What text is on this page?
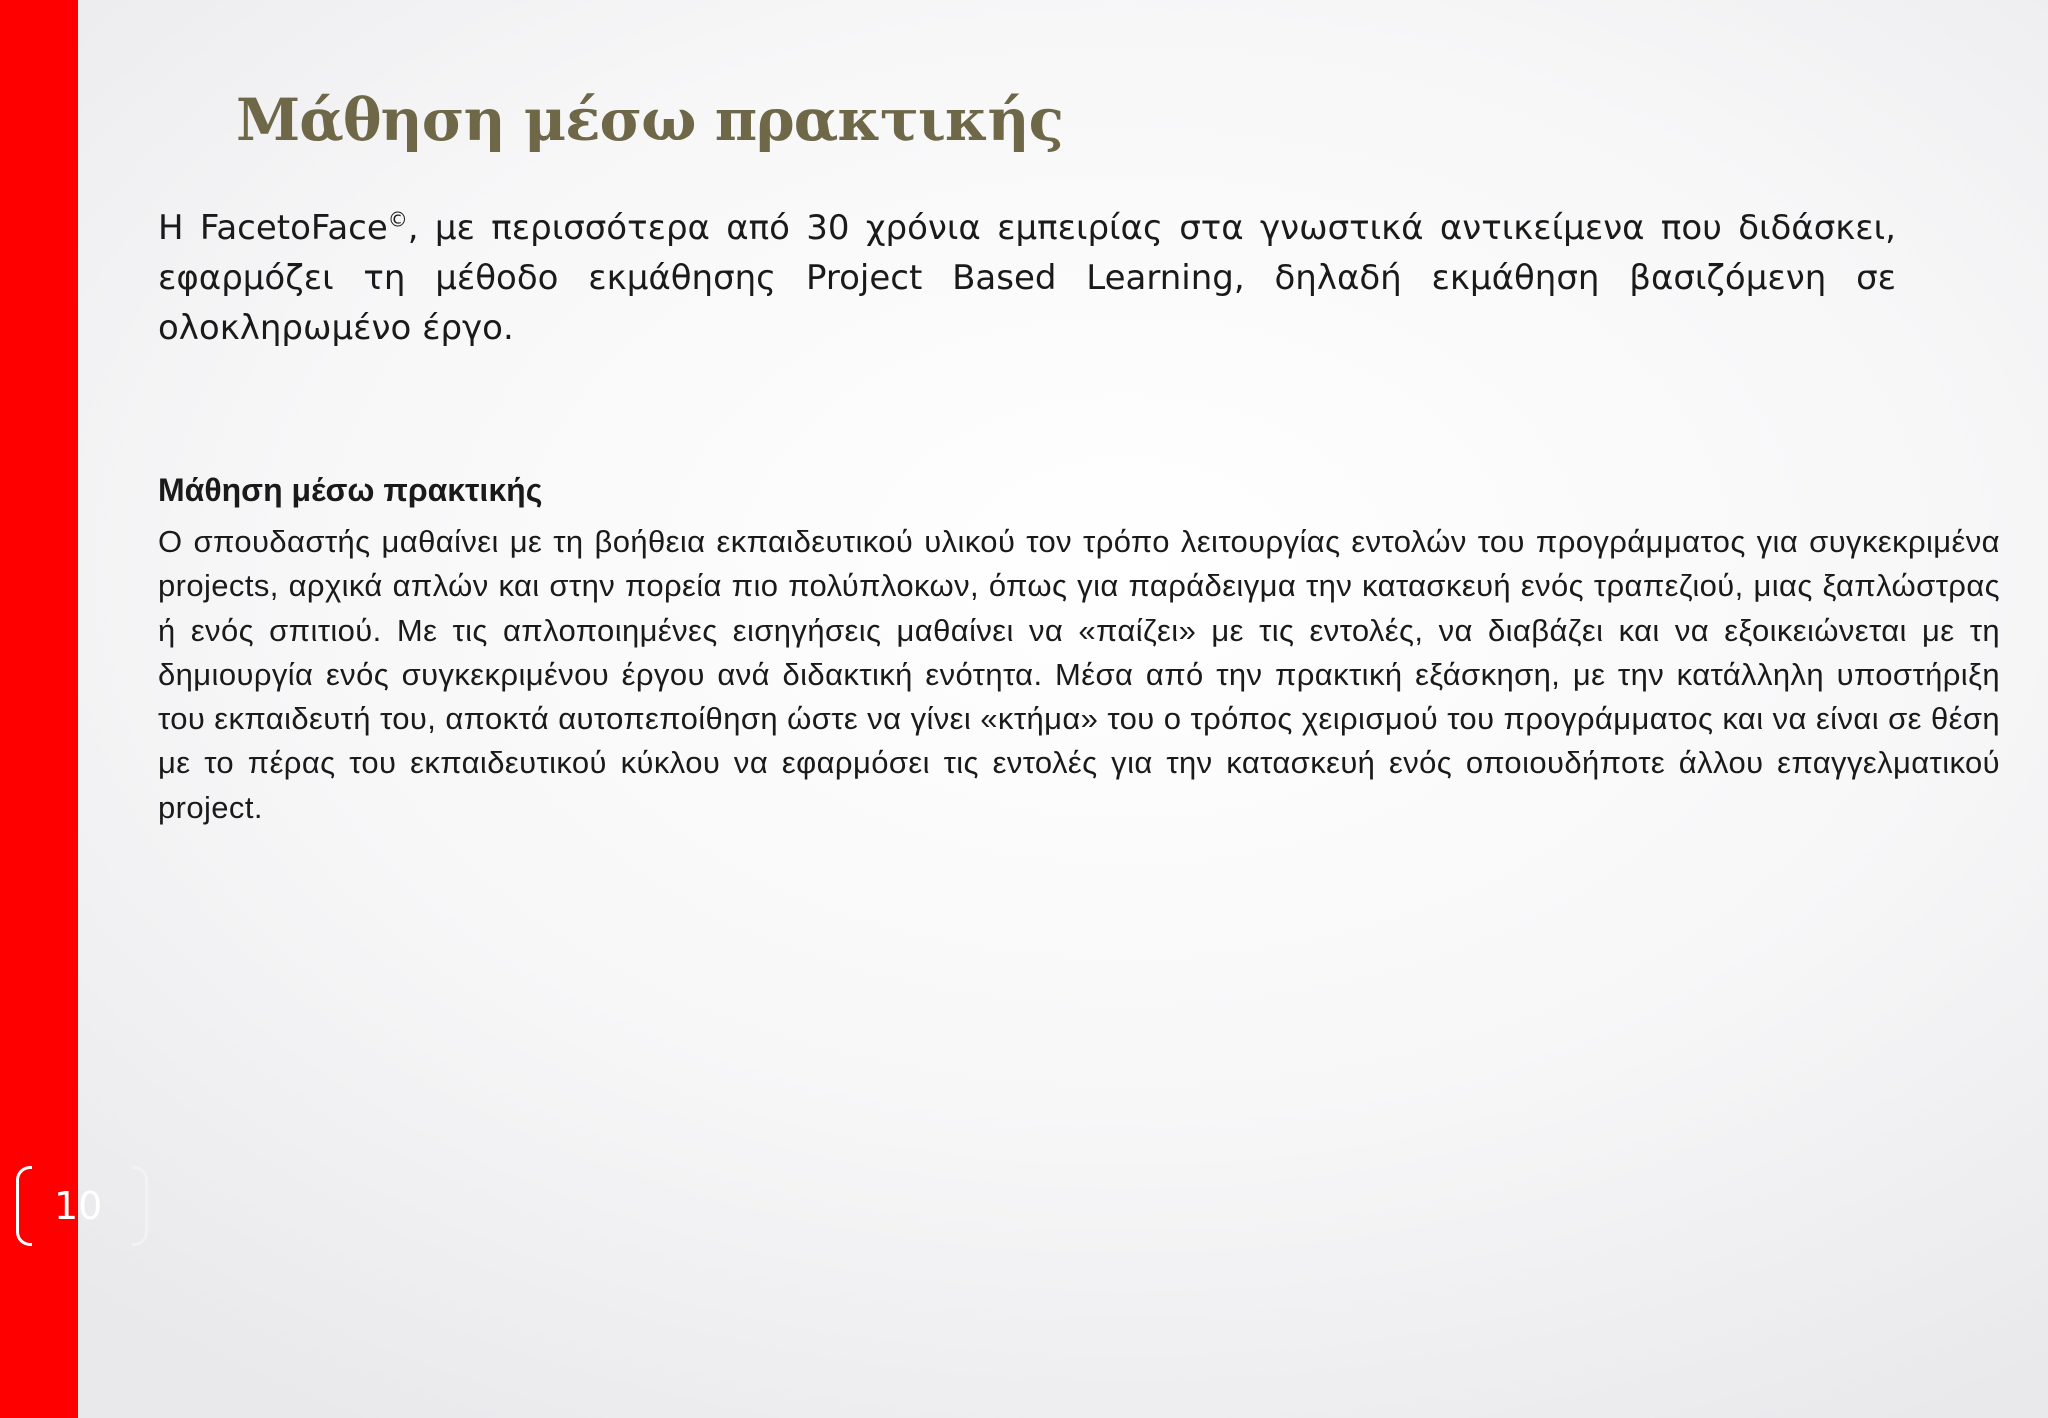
10
Μάθηση μέσω πρακτικής

Η FacetoFace©, με περισσότερα από 30 χρόνια εμπειρίας στα γνωστικά αντικείμενα που διδάσκει, εφαρμόζει τη μέθοδο εκμάθησης Project Based Learning, δηλαδή εκμάθηση βασιζόμενη σε ολοκληρωμένο έργο.

Μάθηση μέσω πρακτικής

Ο σπουδαστής μαθαίνει με τη βοήθεια εκπαιδευτικού υλικού τον τρόπο λειτουργίας εντολών του προγράμματος για συγκεκριμένα projects, αρχικά απλών και στην πορεία πιο πολύπλοκων, όπως για παράδειγμα την κατασκευή ενός τραπεζιού, μιας ξαπλώστρας ή ενός σπιτιού. Με τις απλοποιημένες εισηγήσεις μαθαίνει να «παίζει» με τις εντολές, να διαβάζει και να εξοικειώνεται με τη δημιουργία ενός συγκεκριμένου έργου ανά διδακτική ενότητα. Μέσα από την πρακτική εξάσκηση, με την κατάλληλη υποστήριξη του εκπαιδευτή του, αποκτά αυτοπεποίθηση ώστε να γίνει «κτήμα» του ο τρόπος χειρισμού του προγράμματος και να είναι σε θέση με το πέρας του εκπαιδευτικού κύκλου να εφαρμόσει τις εντολές για την κατασκευή ενός οποιουδήποτε άλλου επαγγελματικού project.
